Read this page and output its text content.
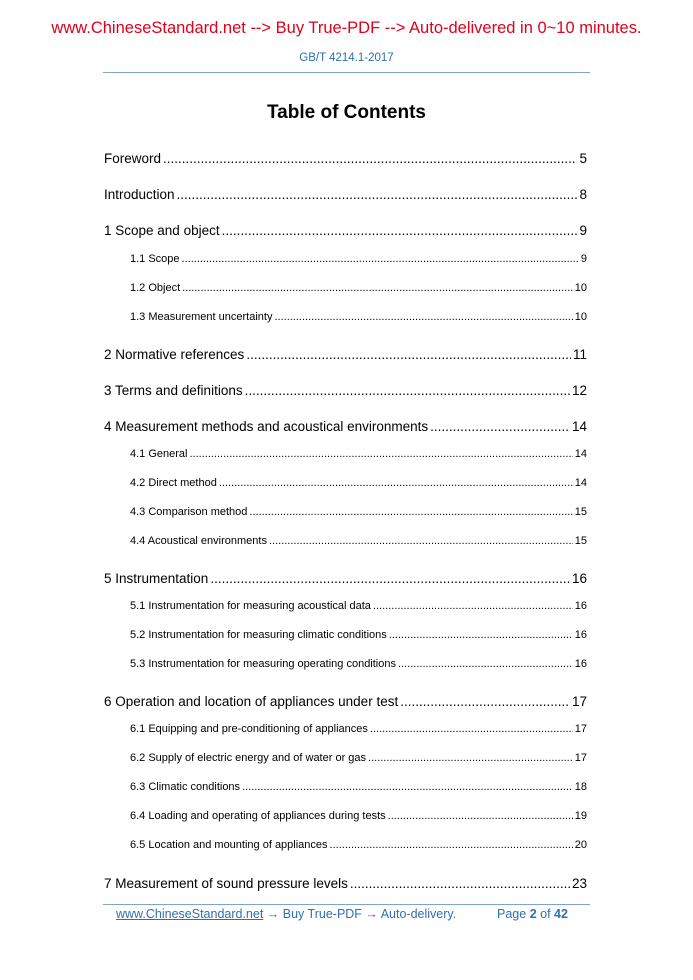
www.ChineseStandard.net --> Buy True-PDF --> Auto-delivered in 0~10 minutes.
GB/T 4214.1-2017
Table of Contents
Foreword .....	5
Introduction .....	8
1 Scope and object .....	9
1.1 Scope .....	9
1.2 Object .....	10
1.3 Measurement uncertainty .....	10
2 Normative references .....	11
3 Terms and definitions .....	12
4 Measurement methods and acoustical environments .....	14
4.1 General .....	14
4.2 Direct method .....	14
4.3 Comparison method .....	15
4.4 Acoustical environments .....	15
5 Instrumentation .....	16
5.1 Instrumentation for measuring acoustical data .....	16
5.2 Instrumentation for measuring climatic conditions .....	16
5.3 Instrumentation for measuring operating conditions .....	16
6 Operation and location of appliances under test .....	17
6.1 Equipping and pre-conditioning of appliances .....	17
6.2 Supply of electric energy and of water or gas .....	17
6.3 Climatic conditions .....	18
6.4 Loading and operating of appliances during tests .....	19
6.5 Location and mounting of appliances .....	20
7 Measurement of sound pressure levels .....	23
www.ChineseStandard.net → Buy True-PDF → Auto-delivery.	Page 2 of 42
